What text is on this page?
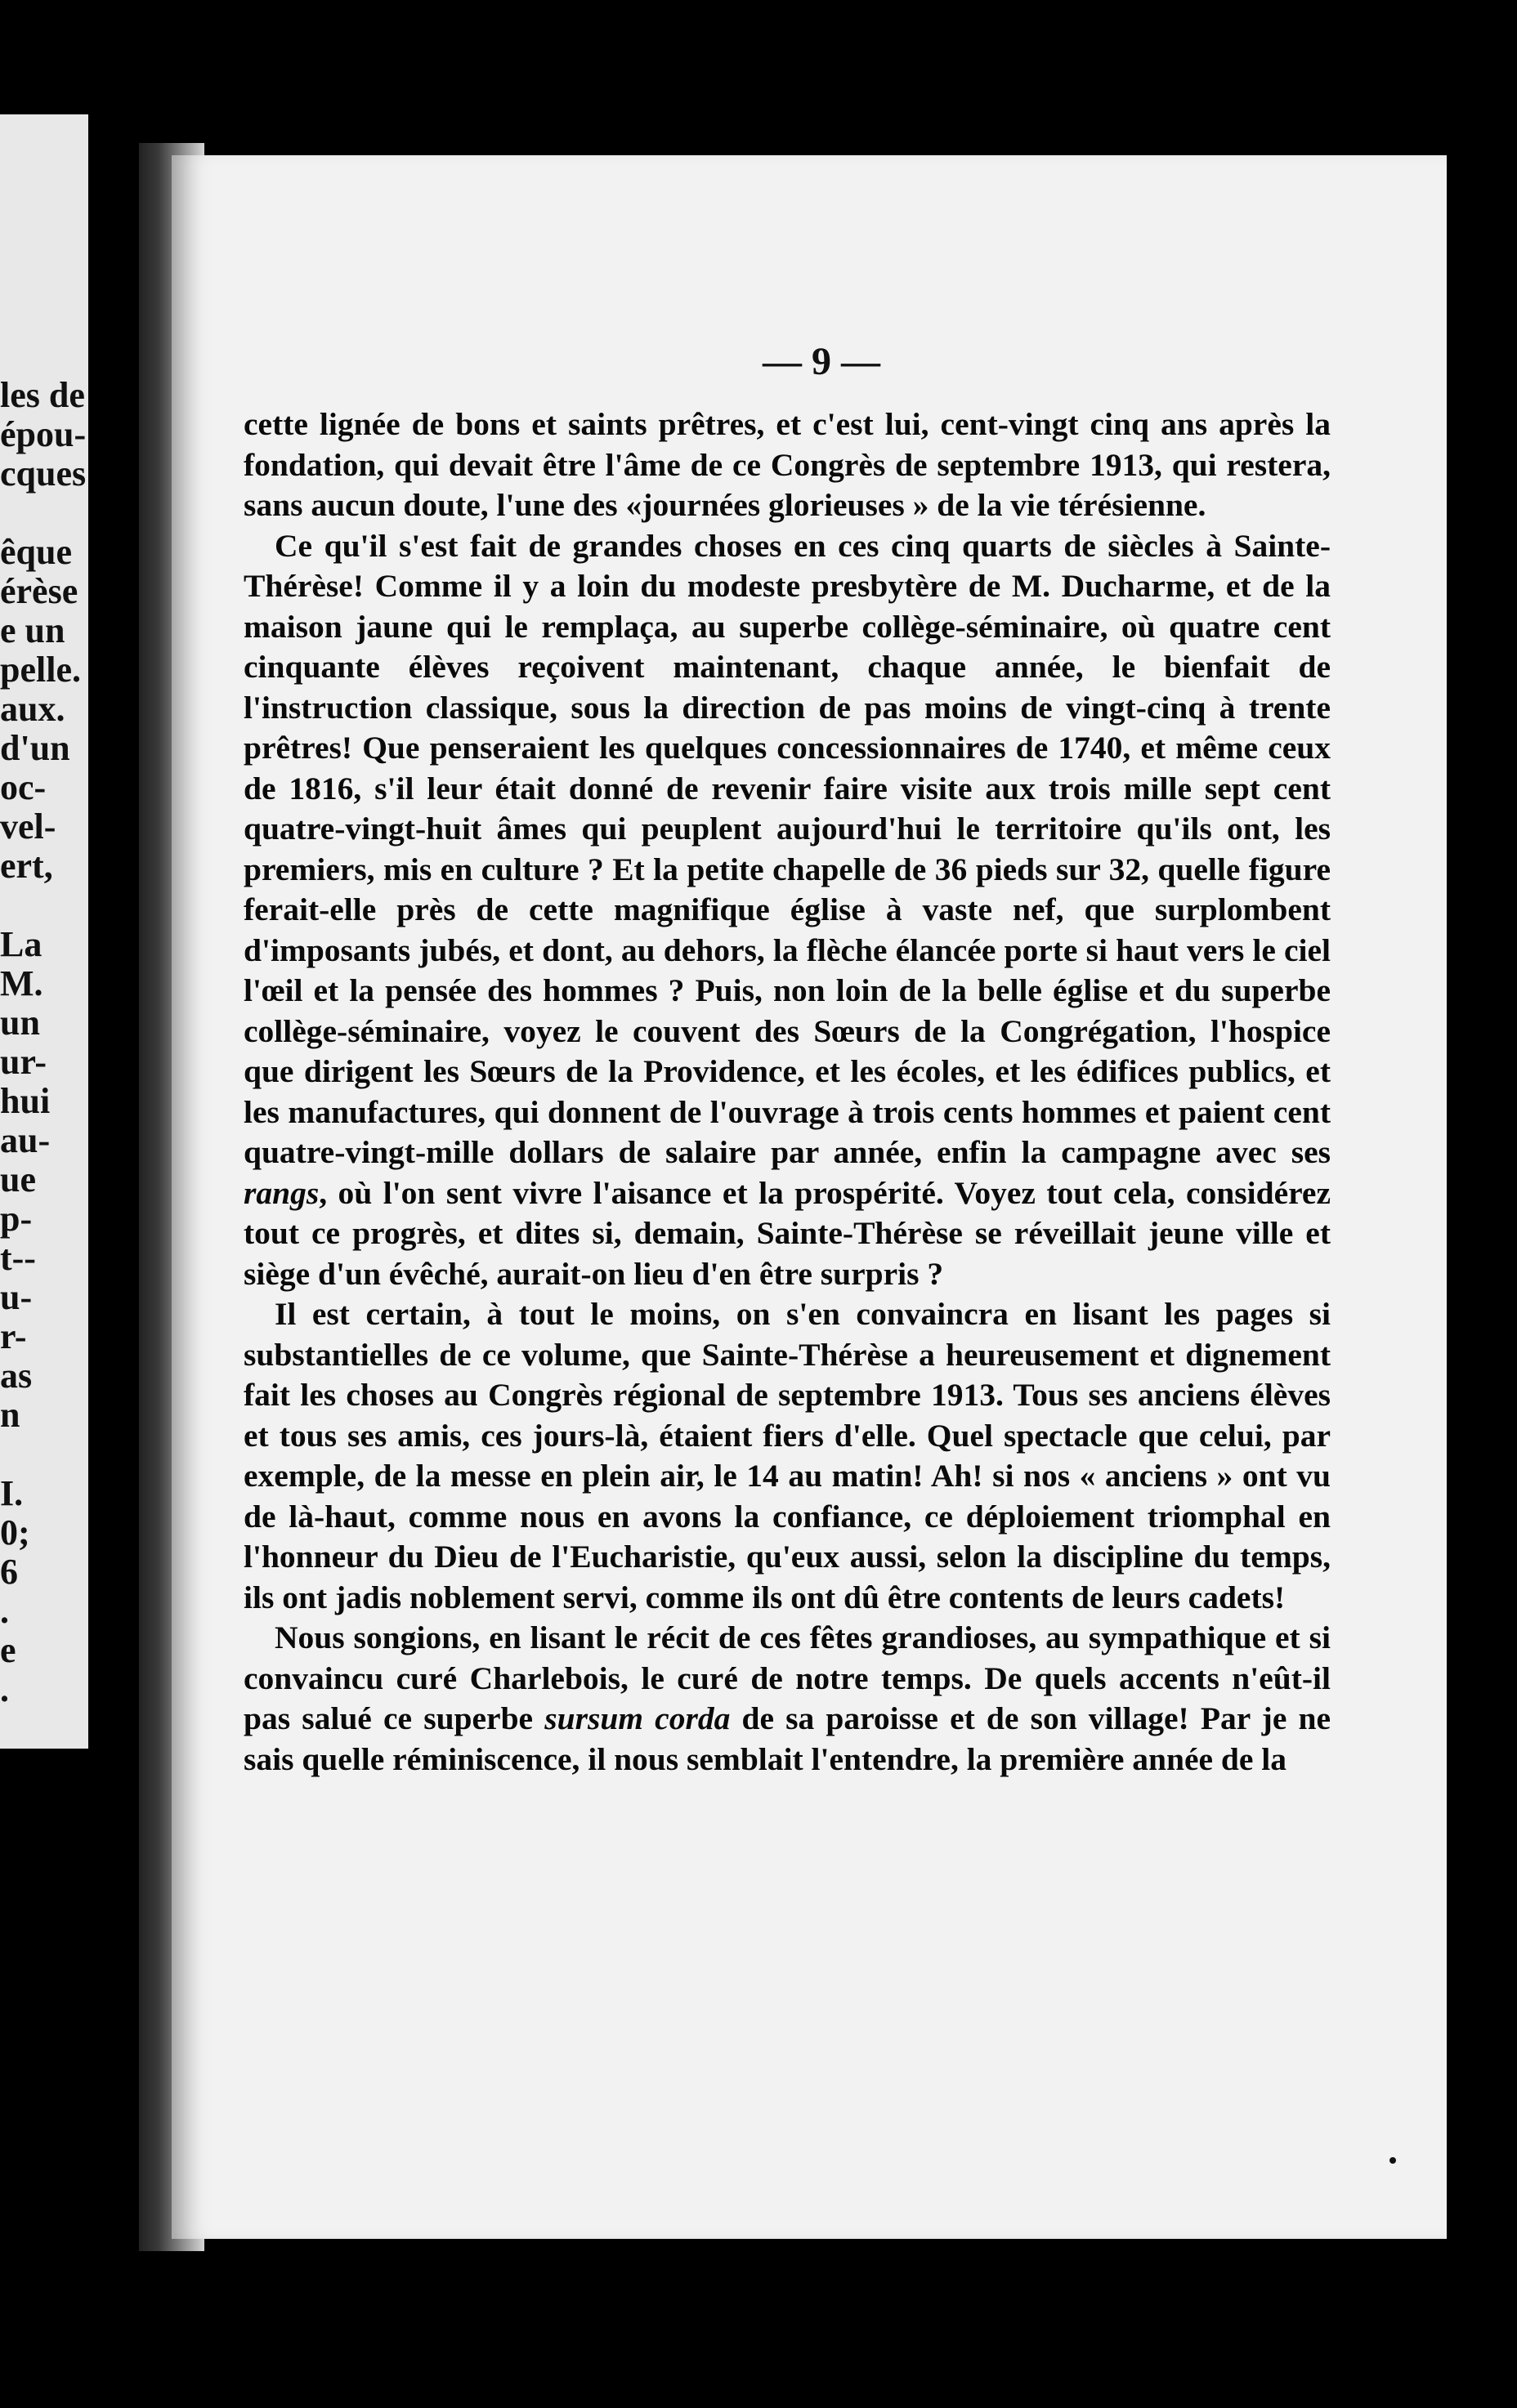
les de
épou-
cques
êque
érèse
e un
pelle.
aux.
d'un
oc-
vel-
ert,
La
M.
un
ur-
hui
au-
ue
p-
t--
u-
r-
as
n
I.
0;
6
.
e
.
— 9 —

cette lignée de bons et saints prêtres, et c'est lui, cent-vingt cinq ans après la fondation, qui devait être l'âme de ce Congrès de septembre 1913, qui restera, sans aucun doute, l'une des «journées glorieuses » de la vie térésienne.

Ce qu'il s'est fait de grandes choses en ces cinq quarts de siècles à Sainte-Thérèse! Comme il y a loin du modeste presbytère de M. Ducharme, et de la maison jaune qui le remplaça, au superbe collège-séminaire, où quatre cent cinquante élèves reçoivent maintenant, chaque année, le bienfait de l'instruction classique, sous la direction de pas moins de vingt-cinq à trente prêtres! Que penseraient les quelques concessionnaires de 1740, et même ceux de 1816, s'il leur était donné de revenir faire visite aux trois mille sept cent quatre-vingt-huit âmes qui peuplent aujourd'hui le territoire qu'ils ont, les premiers, mis en culture ? Et la petite chapelle de 36 pieds sur 32, quelle figure ferait-elle près de cette magnifique église à vaste nef, que surplombent d'imposants jubés, et dont, au dehors, la flèche élancée porte si haut vers le ciel l'œil et la pensée des hommes ? Puis, non loin de la belle église et du superbe collège-séminaire, voyez le couvent des Sœurs de la Congrégation, l'hospice que dirigent les Sœurs de la Providence, et les écoles, et les édifices publics, et les manufactures, qui donnent de l'ouvrage à trois cents hommes et paient cent quatre-vingt-mille dollars de salaire par année, enfin la campagne avec ses rangs, où l'on sent vivre l'aisance et la prospérité. Voyez tout cela, considérez tout ce progrès, et dites si, demain, Sainte-Thérèse se réveillait jeune ville et siège d'un évêché, aurait-on lieu d'en être surpris ?

Il est certain, à tout le moins, on s'en convaincra en lisant les pages si substantielles de ce volume, que Sainte-Thérèse a heureusement et dignement fait les choses au Congrès régional de septembre 1913. Tous ses anciens élèves et tous ses amis, ces jours-là, étaient fiers d'elle. Quel spectacle que celui, par exemple, de la messe en plein air, le 14 au matin! Ah! si nos « anciens » ont vu de là-haut, comme nous en avons la confiance, ce déploiement triomphal en l'honneur du Dieu de l'Eucharistie, qu'eux aussi, selon la discipline du temps, ils ont jadis noblement servi, comme ils ont dû être contents de leurs cadets!

Nous songions, en lisant le récit de ces fêtes grandioses, au sympathique et si convaincu curé Charlebois, le curé de notre temps. De quels accents n'eût-il pas salué ce superbe sursum corda de sa paroisse et de son village! Par je ne sais quelle réminiscence, il nous semblait l'entendre, la première année de la
